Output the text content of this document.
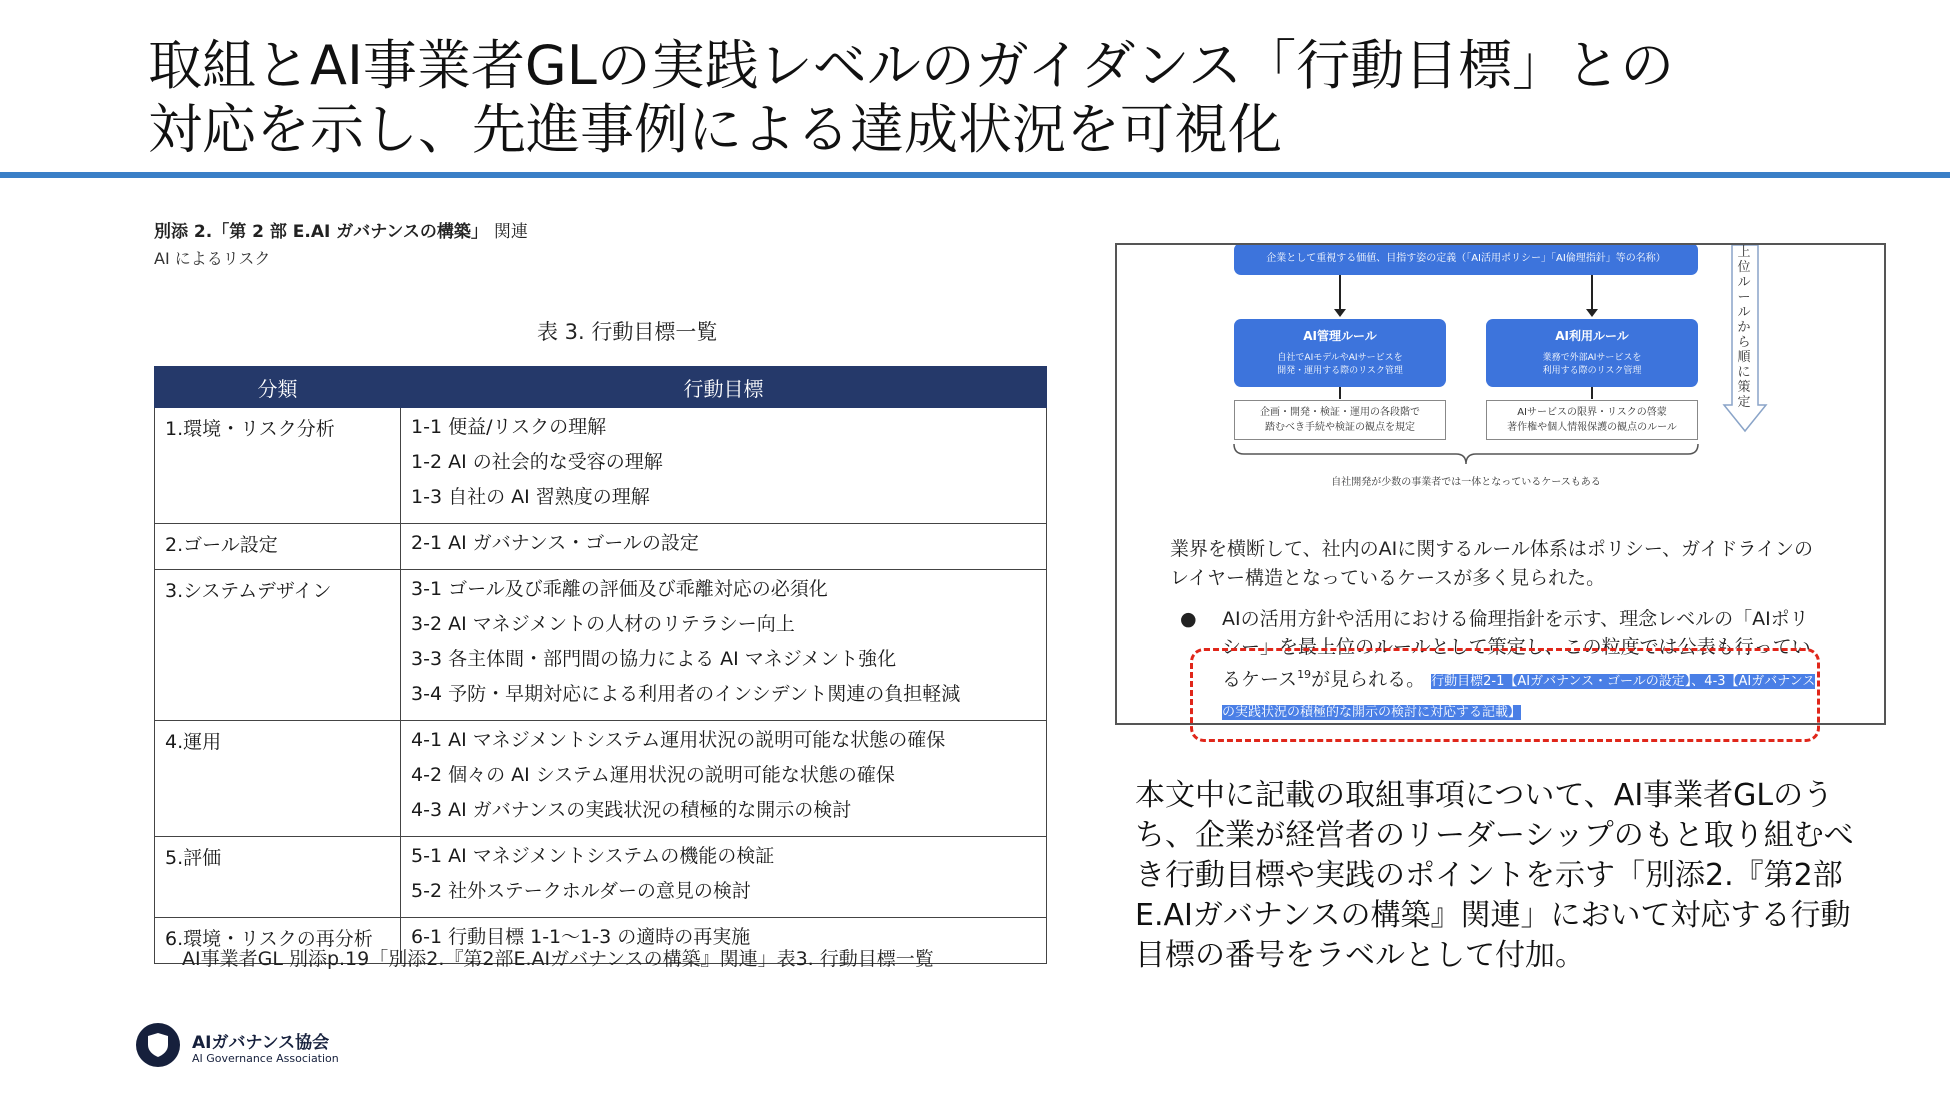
取組とAI事業者GLの実践レベルのガイダンス「行動目標」との
対応を示し、先進事例による達成状況を可視化
別添 2.「第 2 部 E.AI ガバナンスの構築」 関連
AI によるリスク
表 3. 行動目標一覧
分類	行動目標
1.環境・リスク分析	1-1 便益/リスクの理解
1-2 AI の社会的な受容の理解
1-3 自社の AI 習熟度の理解

2.ゴール設定	2-1 AI ガバナンス・ゴールの設定

3.システムデザイン	3-1 ゴール及び乖離の評価及び乖離対応の必須化
3-2 AI マネジメントの人材のリテラシー向上
3-3 各主体間・部門間の協力による AI マネジメント強化
3-4 予防・早期対応による利用者のインシデント関連の負担軽減

4.運用	4-1 AI マネジメントシステム運用状況の説明可能な状態の確保
4-2 個々の AI システム運用状況の説明可能な状態の確保
4-3 AI ガバナンスの実践状況の積極的な開示の検討

5.評価	5-1 AI マネジメントシステムの機能の検証
5-2 社外ステークホルダーの意見の検討

6.環境・リスクの再分析	6-1 行動目標 1-1～1-3 の適時の再実施
AI事業者GL 別添p.19「別添2.『第2部E.AIガバナンスの構築』関連」表3. 行動目標一覧
AIガバナンス協会
AI Governance Association
企業として重視する価値、目指す姿の定義（「AI活用ポリシー」「AI倫理指針」等の名称）
AI管理ルール
自社でAIモデルやAIサービスを
開発・運用する際のリスク管理
AI利用ルール
業務で外部AIサービスを
利用する際のリスク管理
企画・開発・検証・運用の各段階で
踏むべき手続や検証の観点を規定
AIサービスの限界・リスクの啓蒙
著作権や個人情報保護の観点のルール
自社開発が少数の事業者では一体となっているケースもある
上位ルールから順に策定
業界を横断して、社内のAIに関するルール体系はポリシー、ガイドラインのレイヤー構造となっているケースが多く見られた。
●	AIの活用方針や活用における倫理指針を示す、理念レベルの「AIポリシー」を最上位のルールとして策定し、この粒度では公表も行っているケース$^{19}$が見られる。 行動目標2-1【AIガバナンス・ゴールの設定】、4-3【AIガバナンスの実践状況の積極的な開示の検討に対応する記載】
本文中に記載の取組事項について、AI事業者GLのうち、企業が経営者のリーダーシップのもと取り組むべき行動目標や実践のポイントを示す「別添2.『第2部E.AIガバナンスの構築』関連」において対応する行動目標の番号をラベルとして付加。
